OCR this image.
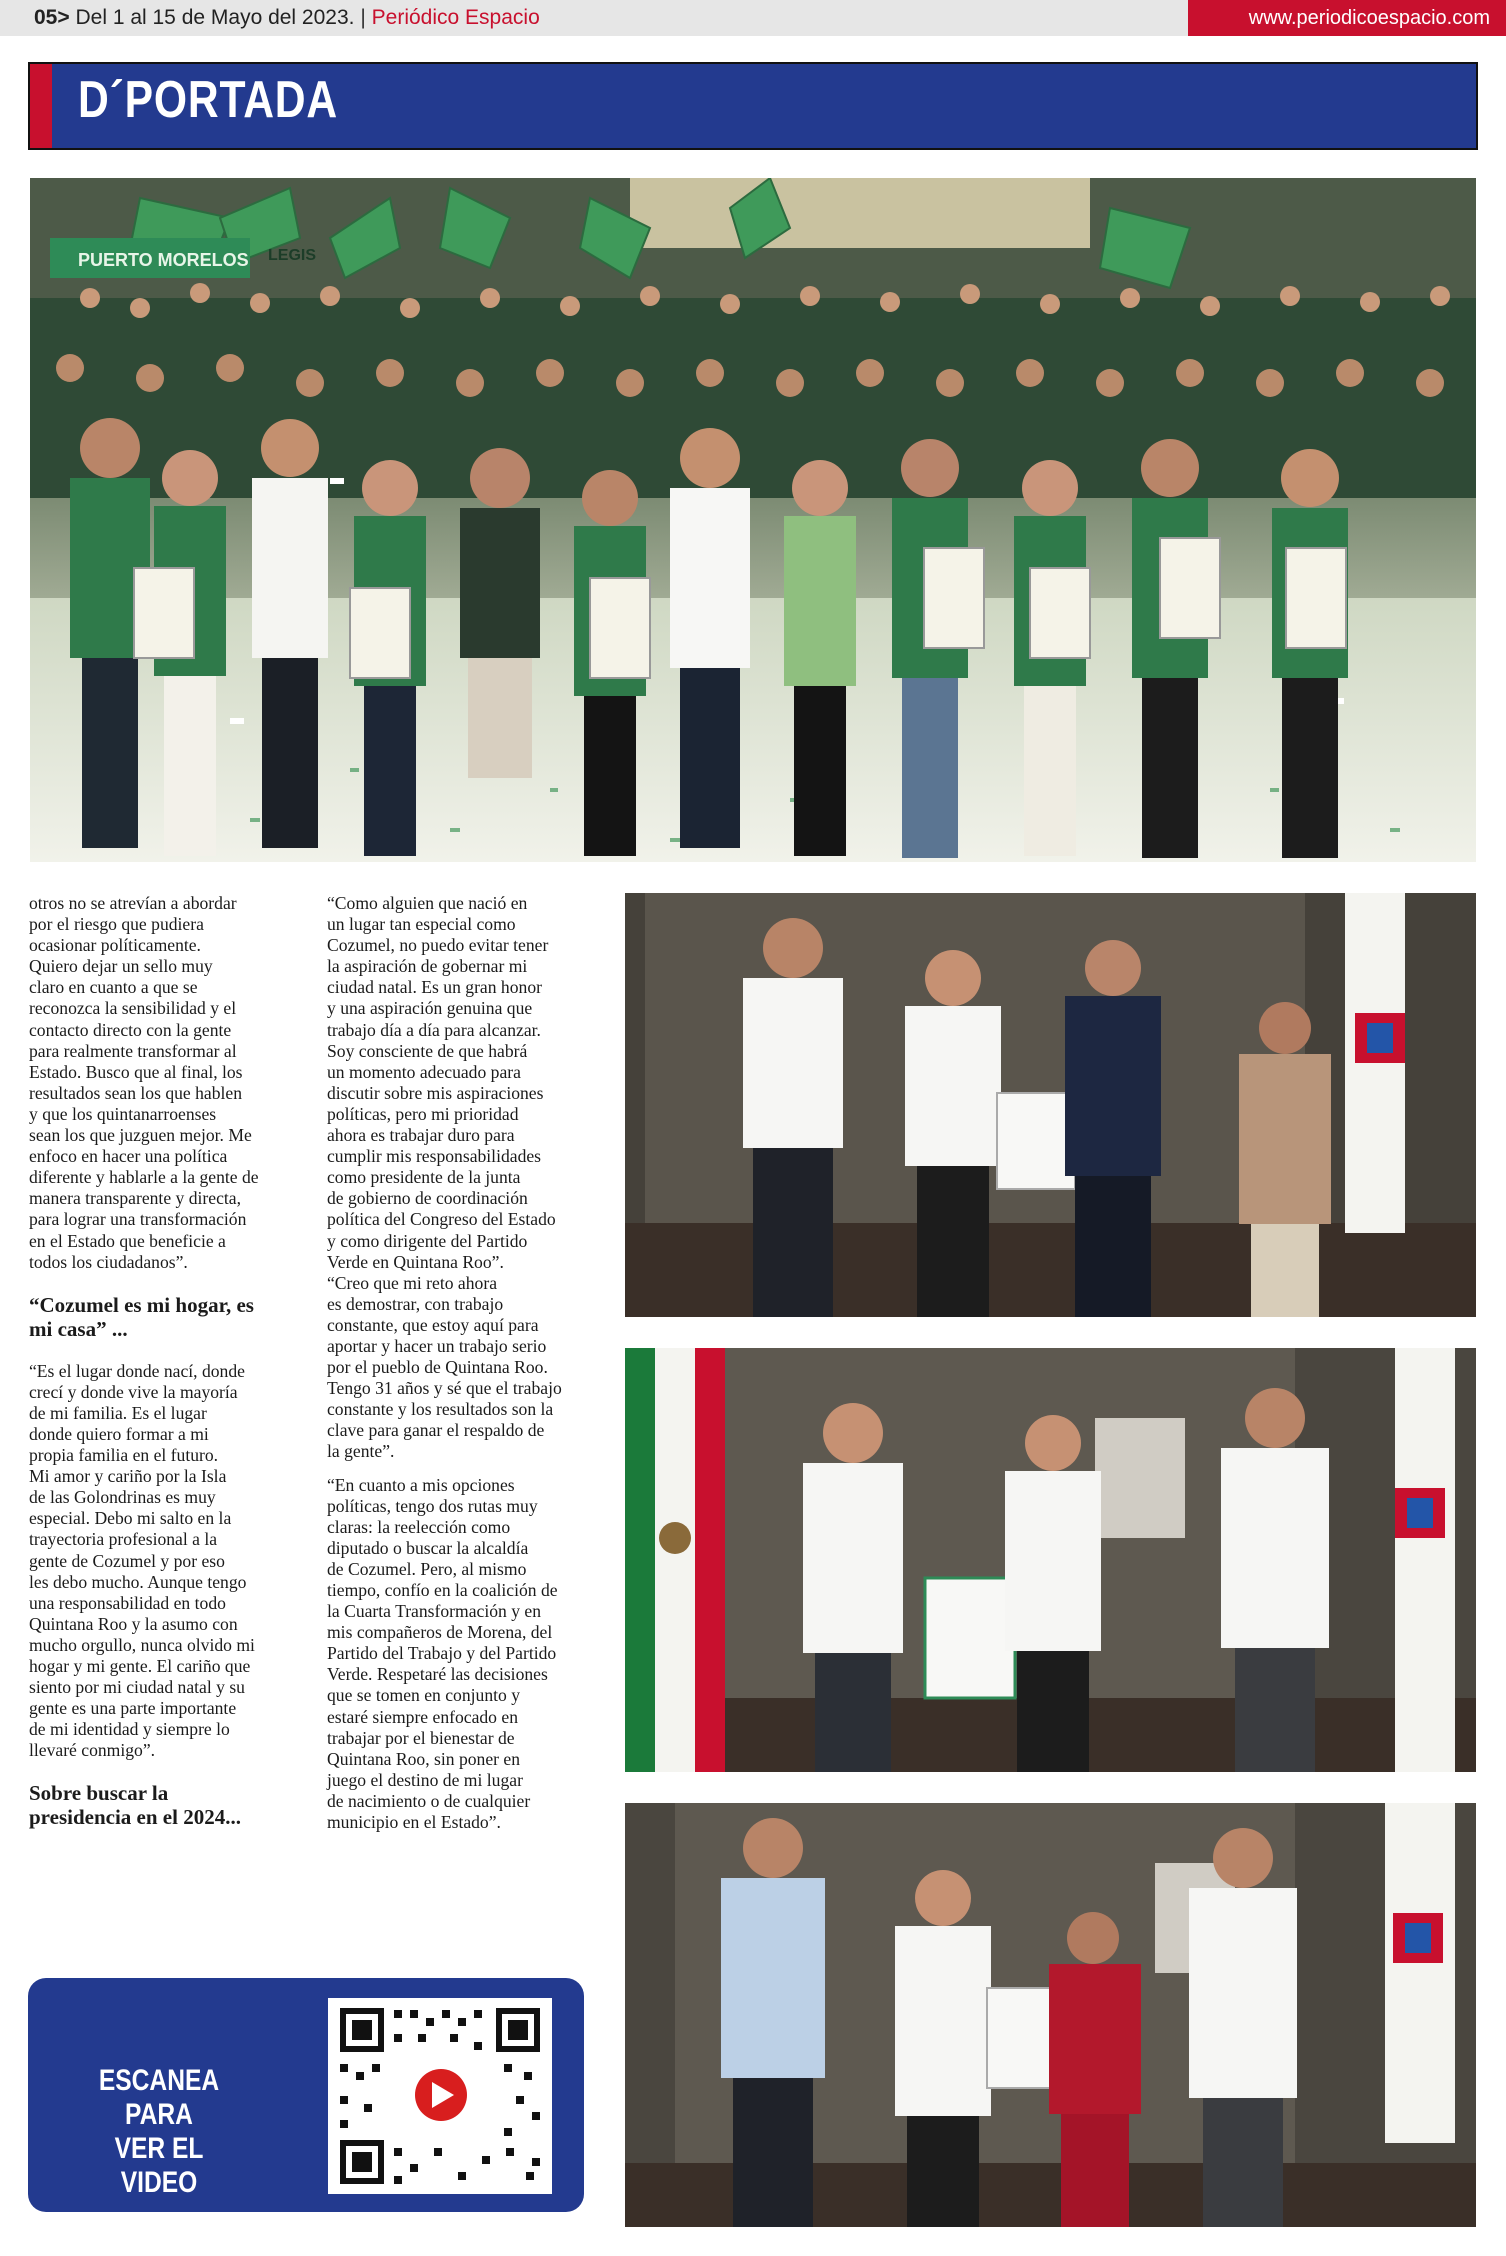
05> Del 1 al 15 de Mayo del 2023. | Periódico Espacio	www.periodicoespacio.com
D´PORTADA
PUERTO MORELOS LEGIS

otros no se atrevían a abordar
por el riesgo que pudiera
ocasionar políticamente.
Quiero dejar un sello muy
claro en cuanto a que se
reconozca la sensibilidad y el
contacto directo con la gente
para realmente transformar al
Estado. Busco que al final, los
resultados sean los que hablen
y que los quintanarroenses
sean los que juzguen mejor. Me
enfoco en hacer una política
diferente y hablarle a la gente de
manera transparente y directa,
para lograr una transformación
en el Estado que beneficie a
todos los ciudadanos”.

“Cozumel es mi hogar, es
mi casa” ...

“Es el lugar donde nací, donde
crecí y donde vive la mayoría
de mi familia. Es el lugar
donde quiero formar a mi
propia familia en el futuro.
Mi amor y cariño por la Isla
de las Golondrinas es muy
especial. Debo mi salto en la
trayectoria profesional a la
gente de Cozumel y por eso
les debo mucho. Aunque tengo
una responsabilidad en todo
Quintana Roo y la asumo con
mucho orgullo, nunca olvido mi
hogar y mi gente. El cariño que
siento por mi ciudad natal y su
gente es una parte importante
de mi identidad y siempre lo
llevaré conmigo”.

Sobre buscar la
presidencia en el 2024...

“Como alguien que nació en
un lugar tan especial como
Cozumel, no puedo evitar tener
la aspiración de gobernar mi
ciudad natal. Es un gran honor
y una aspiración genuina que
trabajo día a día para alcanzar.
Soy consciente de que habrá
un momento adecuado para
discutir sobre mis aspiraciones
políticas, pero mi prioridad
ahora es trabajar duro para
cumplir mis responsabilidades
como presidente de la junta
de gobierno de coordinación
política del Congreso del Estado
y como dirigente del Partido
Verde en Quintana Roo”.
“Creo que mi reto ahora
es demostrar, con trabajo
constante, que estoy aquí para
aportar y hacer un trabajo serio
por el pueblo de Quintana Roo.
Tengo 31 años y sé que el trabajo
constante y los resultados son la
clave para ganar el respaldo de
la gente”.

“En cuanto a mis opciones
políticas, tengo dos rutas muy
claras: la reelección como
diputado o buscar la alcaldía
de Cozumel. Pero, al mismo
tiempo, confío en la coalición de
la Cuarta Transformación y en
mis compañeros de Morena, del
Partido del Trabajo y del Partido
Verde. Respetaré las decisiones
que se tomen en conjunto y
estaré siempre enfocado en
trabajar por el bienestar de
Quintana Roo, sin poner en
juego el destino de mi lugar
de nacimiento o de cualquier
municipio en el Estado”.

ESCANEA PARA
VER EL VIDEO
